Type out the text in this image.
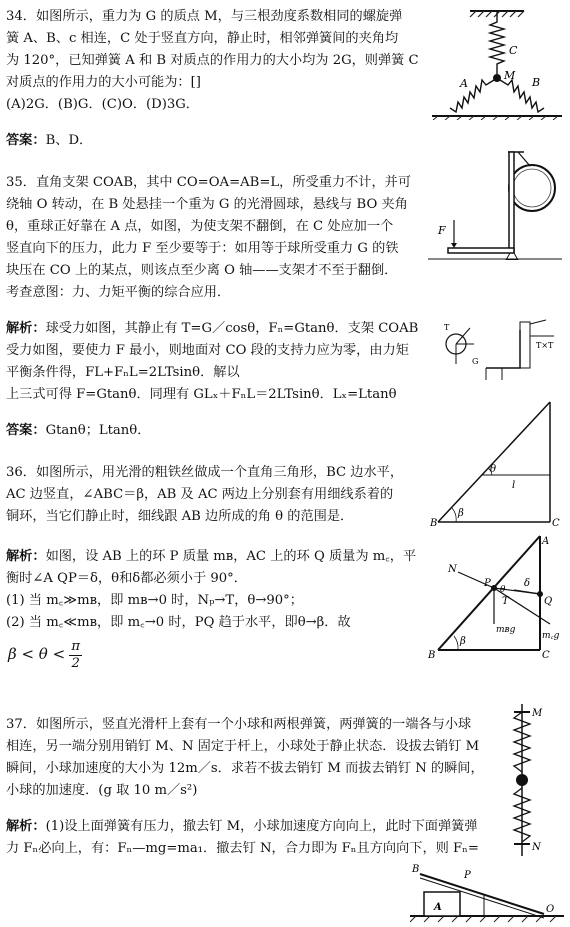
34．如图所示，重力为 G 的质点 M，与三根劲度系数相同的螺旋弹
簧 A、B、c 相连，C 处于竖直方向，静止时，相邻弹簧间的夹角均
为 120°，已知弹簧 A 和 B 对质点的作用力的大小均为 2G，则弹簧 C
对质点的作用力的大小可能为：[]
(A)2G．(B)G．(C)O．(D)3G．
C
M
A	B
答案：B、D．
35．直角支架 COAB，其中 CO=OA=AB=L，所受重力不计，并可
绕轴 O 转动，在 B 处悬挂一个重为 G 的光滑圆球，悬线与 BO 夹角
θ，重球正好靠在 A 点，如图，为使支架不翻倒，在 C 处应加一个
竖直向下的压力，此力 F 至少要等于：如用等于球所受重力 G 的铁
块压在 CO 上的某点，则该点至少离 O 轴——支架才不至于翻倒．
考查意图：力、力矩平衡的综合应用．
F
解析：球受力如图，其静止有 T=G／cosθ，Fₙ=Gtanθ．支架 COAB
受力如图，要使力 F 最小，则地面对 CO 段的支持力应为零，由力矩
平衡条件得，FL+FₙL=2LTsinθ．解以
上三式可得 F=Gtanθ．同理有 GLₓ＋FₙL＝2LTsinθ．Lₓ=Ltanθ
T
G
T×T
答案：Gtanθ；Ltanθ．
θ
l
β
B	C
36．如图所示，用光滑的粗铁丝做成一个直角三角形，BC 边水平，
AC 边竖直，∠ABC＝β，AB 及 AC 两边上分别套有用细线系着的
铜环，当它们静止时，细线跟 AB 边所成的角 θ 的范围是．
解析：如图，设 AB 上的环 P 质量 mʙ，AC 上的环 Q 质量为 m꜀，平
衡时∠A QP＝δ，θ和δ都必须小于 90°．
(1) 当 m꜀≫mʙ，即 mʙ→0 时，Nₚ→T，θ→90°；
(2) 当 m꜀≪mʙ，即 m꜀→0 时，PQ 趋于水平，即θ→β．故
$\beta < \theta < \frac{\pi}{2}$
A
B	C
N
P
T
δ
θ
Q
mʙg
m꜀g
β
37．如图所示，竖直光滑杆上套有一个小球和两根弹簧，两弹簧的一端各与小球
相连，另一端分别用销钉 M、N 固定于杆上，小球处于静止状态．设拔去销钉 M
瞬间，小球加速度的大小为 12m／s．求若不拔去销钉 M 而拔去销钉 N 的瞬间，
小球的加速度．(g 取 10 m／s²)
M
N
解析：(1)设上面弹簧有压力，撤去钉 M，小球加速度方向向上，此时下面弹簧弹
力 Fₙ必向上，有：Fₙ—mg=ma₁．撤去钉 N，合力即为 Fₙ且方向向下，则 Fₙ=
A
B
P
O
